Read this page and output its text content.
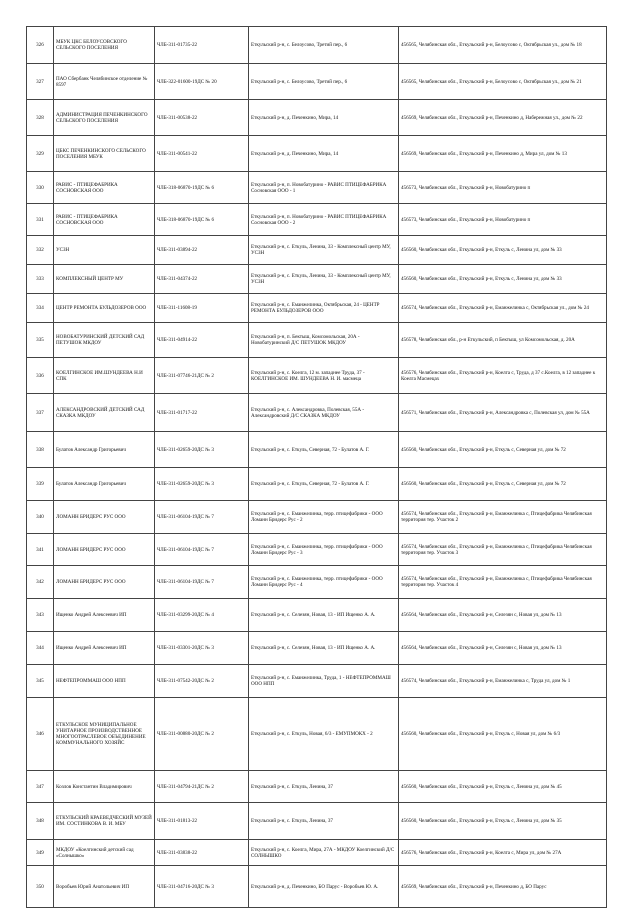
326	МБУК ЦКС БЕЛОУСОВСКОГО СЕЛЬСКОГО ПОСЕЛЕНИЯ	ЧЛБ-311-01735-22	Еткульский р-н, с. Белоусово, Третий пер., 6	456565, Челябинская обл., Еткульский р-н, Белоусово с, Октябрьская ул., дом № 18
327	ПАО Сбербанк Челябинское отделение № 8597	ЧЛБ-322-01600-19ДС № 20	Еткульский р-н, с. Белоусово, Третий пер., 6	456565, Челябинская обл., Еткульский р-н, Белоусово с, Октябрьская ул., дом № 21
328	АДМИНИСТРАЦИЯ ПЕЧЕНКИНСКОГО СЕЛЬСКОГО ПОСЕЛЕНИЯ	ЧЛБ-311-00538-22	Еткульский р-н, д. Печенкино, Мира, 14	456569, Челябинская обл., Еткульский р-н, Печенкино д, Набережная ул., дом № 22
329	ЦБКС ПЕЧЕНКИНСКОГО СЕЛЬСКОГО ПОСЕЛЕНИЯ МБУК	ЧЛБ-311-00541-22	Еткульский р-н, д. Печенкино, Мира, 14	456569, Челябинская обл., Еткульский р-н, Печенкино д, Мира ул, дом № 13
330	РАВИС - ПТИЦЕФАБРИКА СОСНОВСКАЯ ООО	ЧЛБ-318-06870-19ДС № 6	Еткульский р-н, п. Новобатурино - РАВИС ПТИЦЕФАБРИКА Сосновская ООО - 1	456573, Челябинская обл., Еткульский р-н, Новобатурино п
331	РАВИС - ПТИЦЕФАБРИКА СОСНОВСКАЯ ООО	ЧЛБ-318-06870-19ДС № 6	Еткульский р-н, п. Новобатурино - РАВИС ПТИЦЕФАБРИКА Сосновская ООО - 2	456573, Челябинская обл., Еткульский р-н, Новобатурино п
332	УСЗН	ЧЛБ-311-03894-22	Еткульский р-н, с. Еткуль, Ленина, 33 - Комплексный центр МУ, УСЗН	456560, Челябинская обл., Еткульский р-н, Еткуль с, Ленина ул, дом № 33
333	КОМПЛЕКСНЫЙ ЦЕНТР МУ	ЧЛБ-311-04374-22	Еткульский р-н, с. Еткуль, Ленина, 33 - Комплексный центр МУ, УСЗН	456560, Челябинская обл., Еткульский р-н, Еткуль с, Ленина ул, дом № 33
334	ЦЕНТР РЕМОНТА БУЛЬДОЗЕРОВ ООО	ЧЛБ-311-11608-19	Еткульский р-н, с. Еманжелинка, Октябрьская, 24 - ЦЕНТР РЕМОНТА БУЛЬДОЗЕРОВ ООО	456574, Челябинская обл., Еткульский р-н, Еманжелинка с, Октябрьская ул., дом № 24
335	НОВОБАТУРИНСКИЙ ДЕТСКИЙ САД ПЕТУШОК МКДОУ	ЧЛБ-311-04914-22	Еткульский р-н, п. Бектыш, Комсомольская, 20А - Новобатуринский Д/С ПЕТУШОК МКДОУ	456578, Челябинская обл., р-н Еткульский, п Бектыш, ул Комсомольская, д. 20А
336	КОЕЛГИНСКОЕ ИМ.ШУНДЕЕВА Н.И СПК	ЧЛБ-311-07746-21ДС № 2	Еткульский р-н, с. Коелга, 12 м. западнее Труда, 37 - КОЕЛГИНСКОЕ ИМ. ШУНДЕЕВА Н. И. масмеца	456576, Челябинская обл., Еткульский р-н, Коелга с, Труда, д 37 с.Коелга, в 12 западнее к Коелга Масмецах
337	АЛЕКСАНДРОВСКИЙ ДЕТСКИЙ САД СКАЗКА МКДОУ	ЧЛБ-311-01717-22	Еткульский р-н, с. Александровка, Полевская, 55А - Александровский Д/С СКАЗКА МКДОУ	456571, Челябинская обл., Еткульский р-н, Александровка с, Полевская ул, дом № 55А
338	Булатов Александр Григорьевич	ЧЛБ-311-02659-20ДС № 3	Еткульский р-н, с. Еткуль, Северная, 72 - Булатов А. Г.	456560, Челябинская обл., Еткульский р-н, Еткуль с, Северная ул, дом № 72
339	Булатов Александр Григорьевич	ЧЛБ-311-02659-20ДС № 3	Еткульский р-н, с. Еткуль, Северная, 72 - Булатов А. Г.	456560, Челябинская обл., Еткульский р-н, Еткуль с, Северная ул, дом № 72
340	ЛОМАНН БРИДЕРС РУС ООО	ЧЛБ-311-06104-19ДС № 7	Еткульский р-н, с. Еманжелинка, терр. птицефабрики - ООО Ломанн Бридерс Рус - 2	456574, Челябинская обл., Еткульский р-н, Еманжелинка с, Птицефабрика Челябинская территория тер. Участок 2
341	ЛОМАНН БРИДЕРС РУС ООО	ЧЛБ-311-06104-19ДС № 7	Еткульский р-н, с. Еманжелинка, терр. птицефабрики - ООО Ломанн Бридерс Рус - 3	456574, Челябинская обл., Еткульский р-н, Еманжелинка с, Птицефабрика Челябинская территория тер. Участок 3
342	ЛОМАНН БРИДЕРС РУС ООО	ЧЛБ-311-06104-19ДС № 7	Еткульский р-н, с. Еманжелинка, терр. птицефабрики - ООО Ломанн Бридерс Рус - 4	456574, Челябинская обл., Еткульский р-н, Еманжелинка с, Птицефабрика Челябинская территория тер. Участок 4
343	Ищенко Андрей Алексеевич ИП	ЧЛБ-311-03299-20ДС № 4	Еткульский р-н, с. Селезян, Новая, 13 - ИП Ищенко А. А.	456564, Челябинская обл., Еткульский р-н, Селезян с, Новая ул, дом № 13
344	Ищенко Андрей Алексеевич ИП	ЧЛБ-311-03301-20ДС № 3	Еткульский р-н, с. Селезян, Новая, 13 - ИП Ищенко А. А.	456564, Челябинская обл., Еткульский р-н, Селезян с, Новая ул, дом № 13
345	НЕФТЕПРОММАШ ООО НПП	ЧЛБ-311-07542-20ДС № 2	Еткульский р-н, с. Еманжелинка, Труда, 1 - НЕФТЕПРОММАШ ООО НПП	456574, Челябинская обл., Еткульский р-н, Еманжелинка с, Труда ул, дом № 1
346	ЕТКУЛЬСКОЕ МУНИЦИПАЛЬНОЕ УНИТАРНОЕ ПРОИЗВОДСТВЕННОЕ МНОГООТРАСЛЕВОЕ ОБЪЕДИНЕНИЕ КОММУНАЛЬНОГО ХОЗЯЙС	ЧЛБ-311-00880-20ДС № 2	Еткульский р-н, с. Еткуль, Новая, 6/3 - ЕМУПМОКХ - 2	456560, Челябинская обл., Еткульский р-н, Еткуль с, Новая ул, дом № 6/3
347	Козлов Константин Владимирович	ЧЛБ-311-04794-21ДС № 2	Еткульский р-н, с. Еткуль, Ленина, 37	456560, Челябинская обл., Еткульский р-н, Еткуль с, Ленина ул, дом № 45
348	ЕТКУЛЬСКИЙ КРАЕВЕДЧЕСКИЙ МУЗЕЙ ИМ. СОСТИНКОВА В. И. МБУ	ЧЛБ-311-01813-22	Еткульский р-н, с. Еткуль, Ленина, 37	456560, Челябинская обл., Еткульский р-н, Еткуль с, Ленина ул, дом № 35
349	МКДОУ «Коелгинский детский сад «Солнышко»	ЧЛБ-311-03838-22	Еткульский р-н, с. Коелга, Мира, 27А - МКДОУ Коелгинский Д/С СОЛНЫШКО	456576, Челябинская обл., Еткульский р-н, Коелга с, Мира ул, дом № 27А
350	Воробьев Юрий Анатольевич ИП	ЧЛБ-311-04716-20ДС № 3	Еткульский р-н, д. Печенкино, БО Парус - Воробьев Ю. А.	456569, Челябинская обл., Еткульский р-н, Печенкино д, БО Парус
